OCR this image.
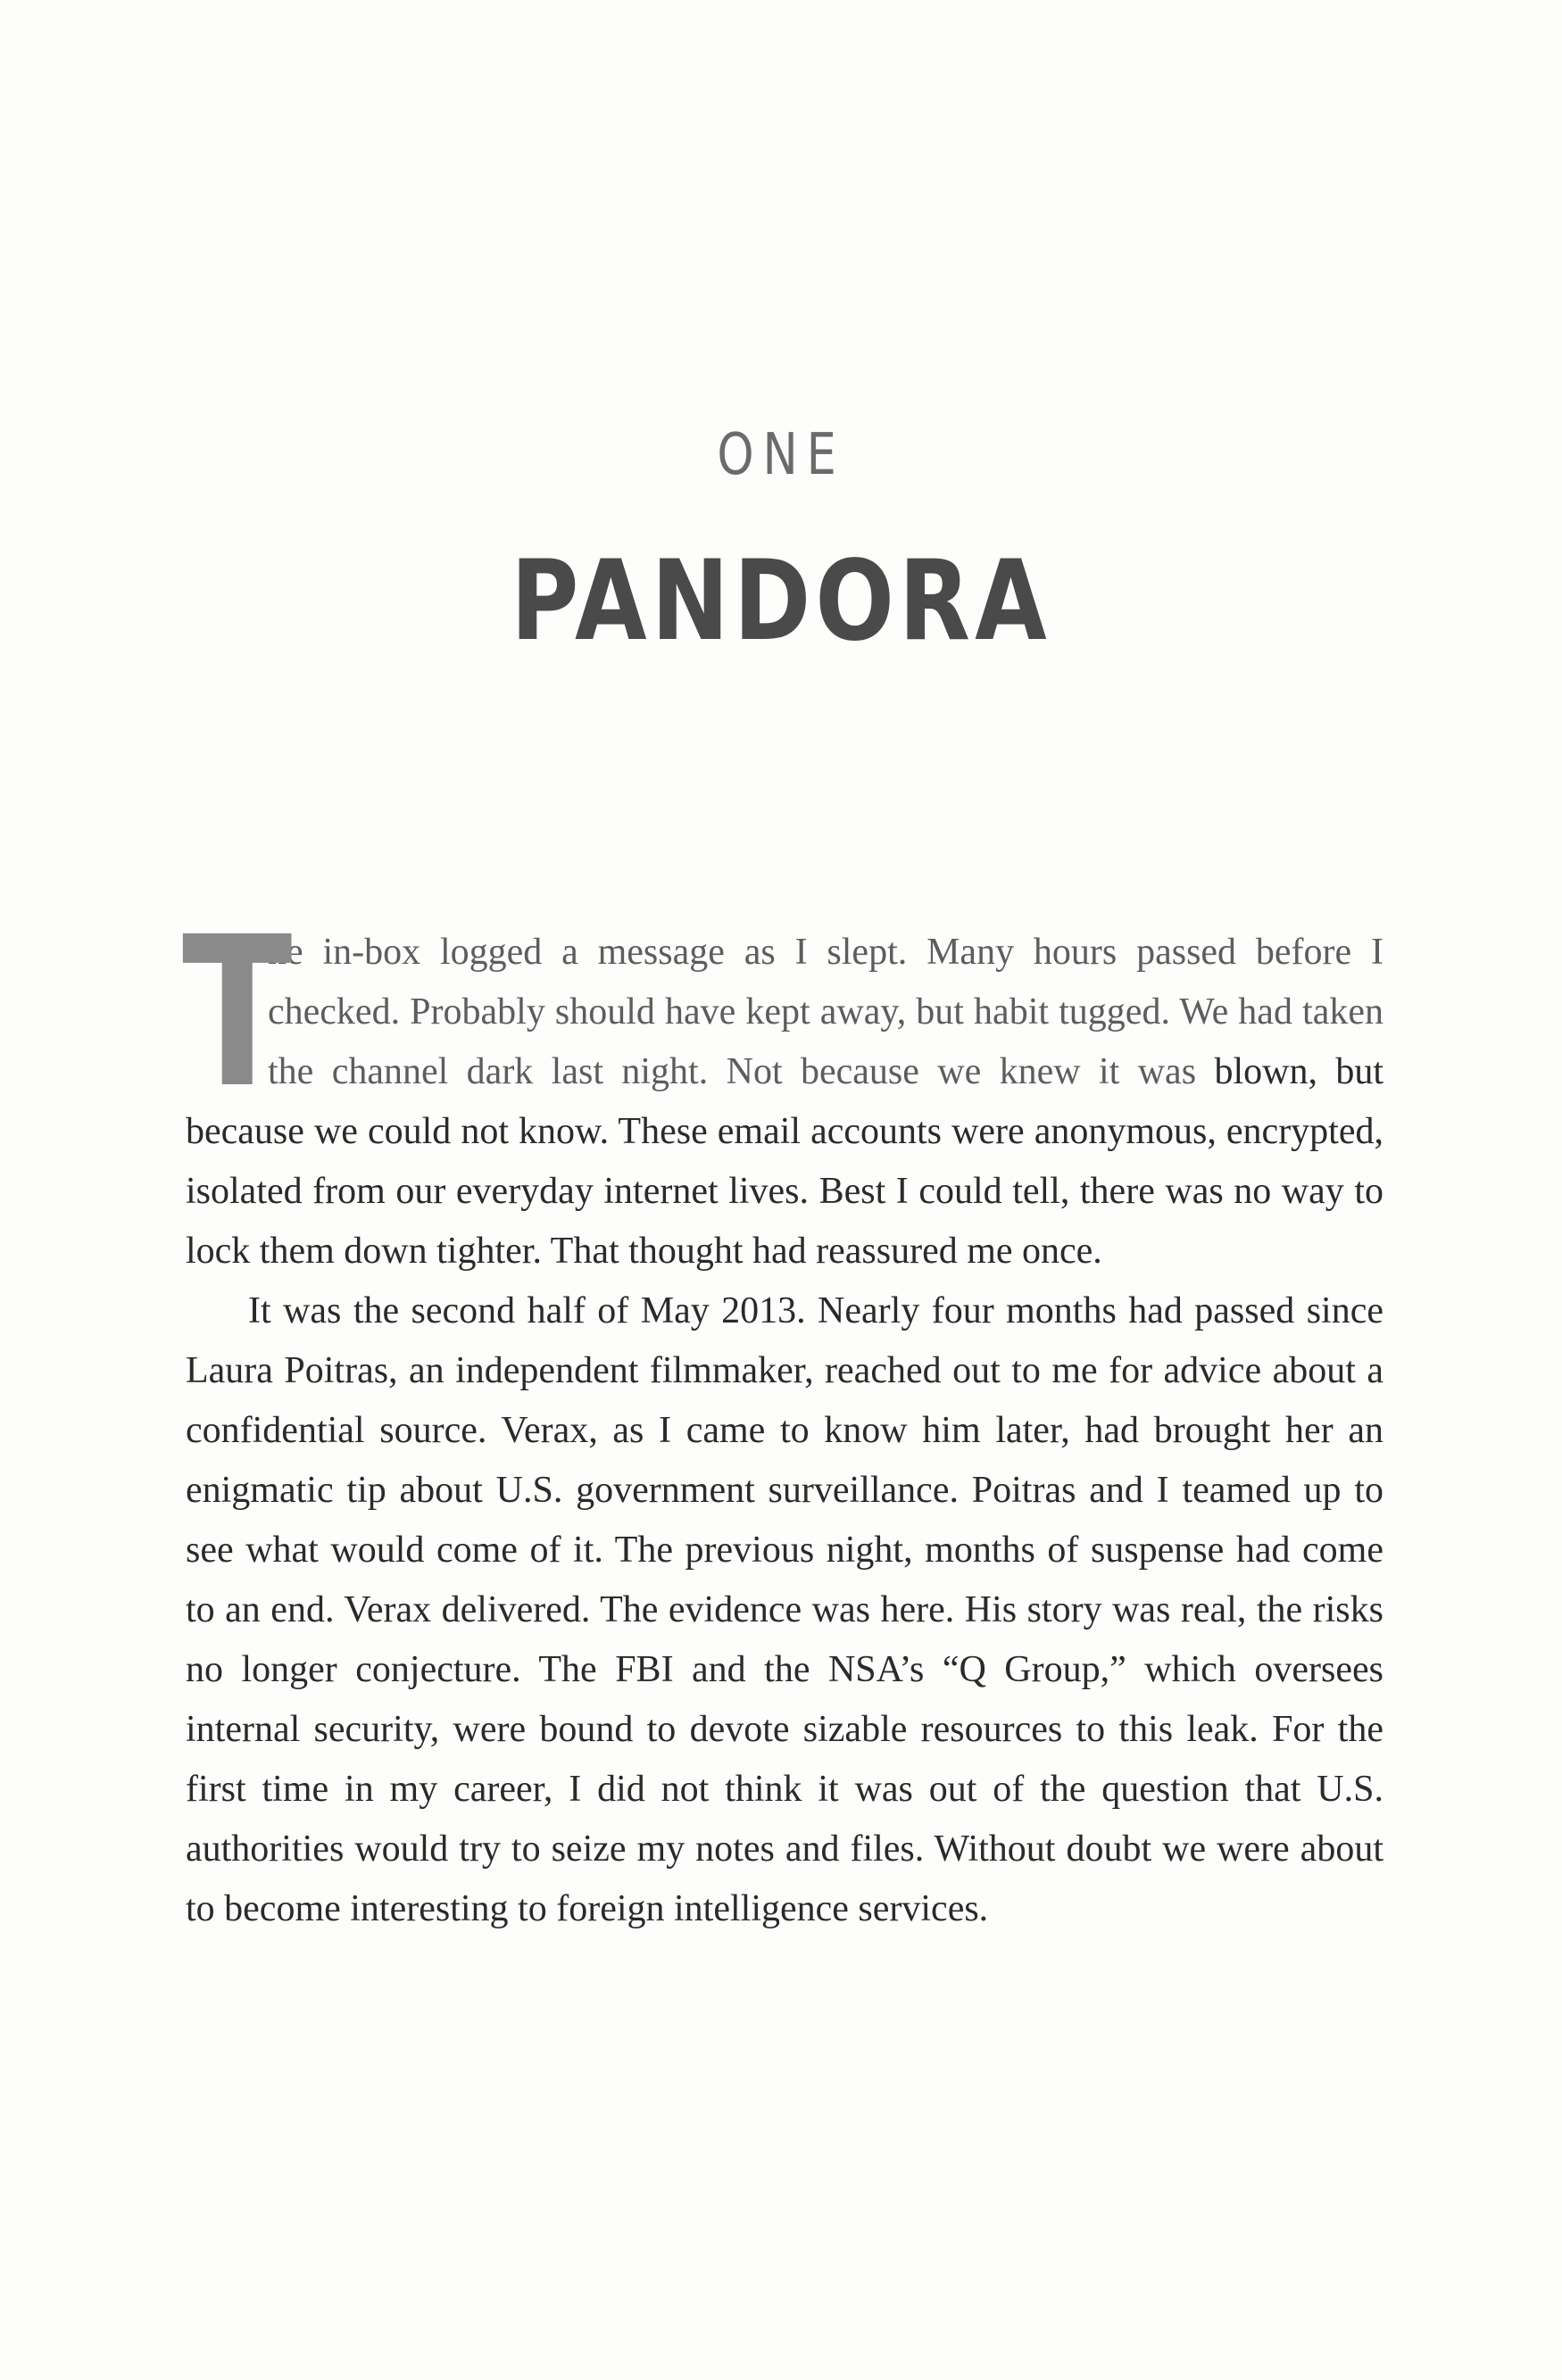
ONE
PANDORA

T
he in-box logged a message as I slept. Many hours passed before I checked. Probably should have kept away, but habit tugged. We had taken the channel dark last night. Not because we knew it was blown, but because we could not know. These email accounts were anonymous, encrypted, isolated from our everyday internet lives. Best I could tell, there was no way to lock them down tighter. That thought had reassured me once.

It was the second half of May 2013. Nearly four months had passed since Laura Poitras, an independent filmmaker, reached out to me for advice about a confidential source. Verax, as I came to know him later, had brought her an enigmatic tip about U.S. government surveillance. Poitras and I teamed up to see what would come of it. The previous night, months of suspense had come to an end. Verax delivered. The evidence was here. His story was real, the risks no longer conjecture. The FBI and the NSA’s “Q Group,” which oversees internal security, were bound to devote sizable resources to this leak. For the first time in my career, I did not think it was out of the question that U.S. authorities would try to seize my notes and files. Without doubt we were about to become interesting to foreign intelligence services.
